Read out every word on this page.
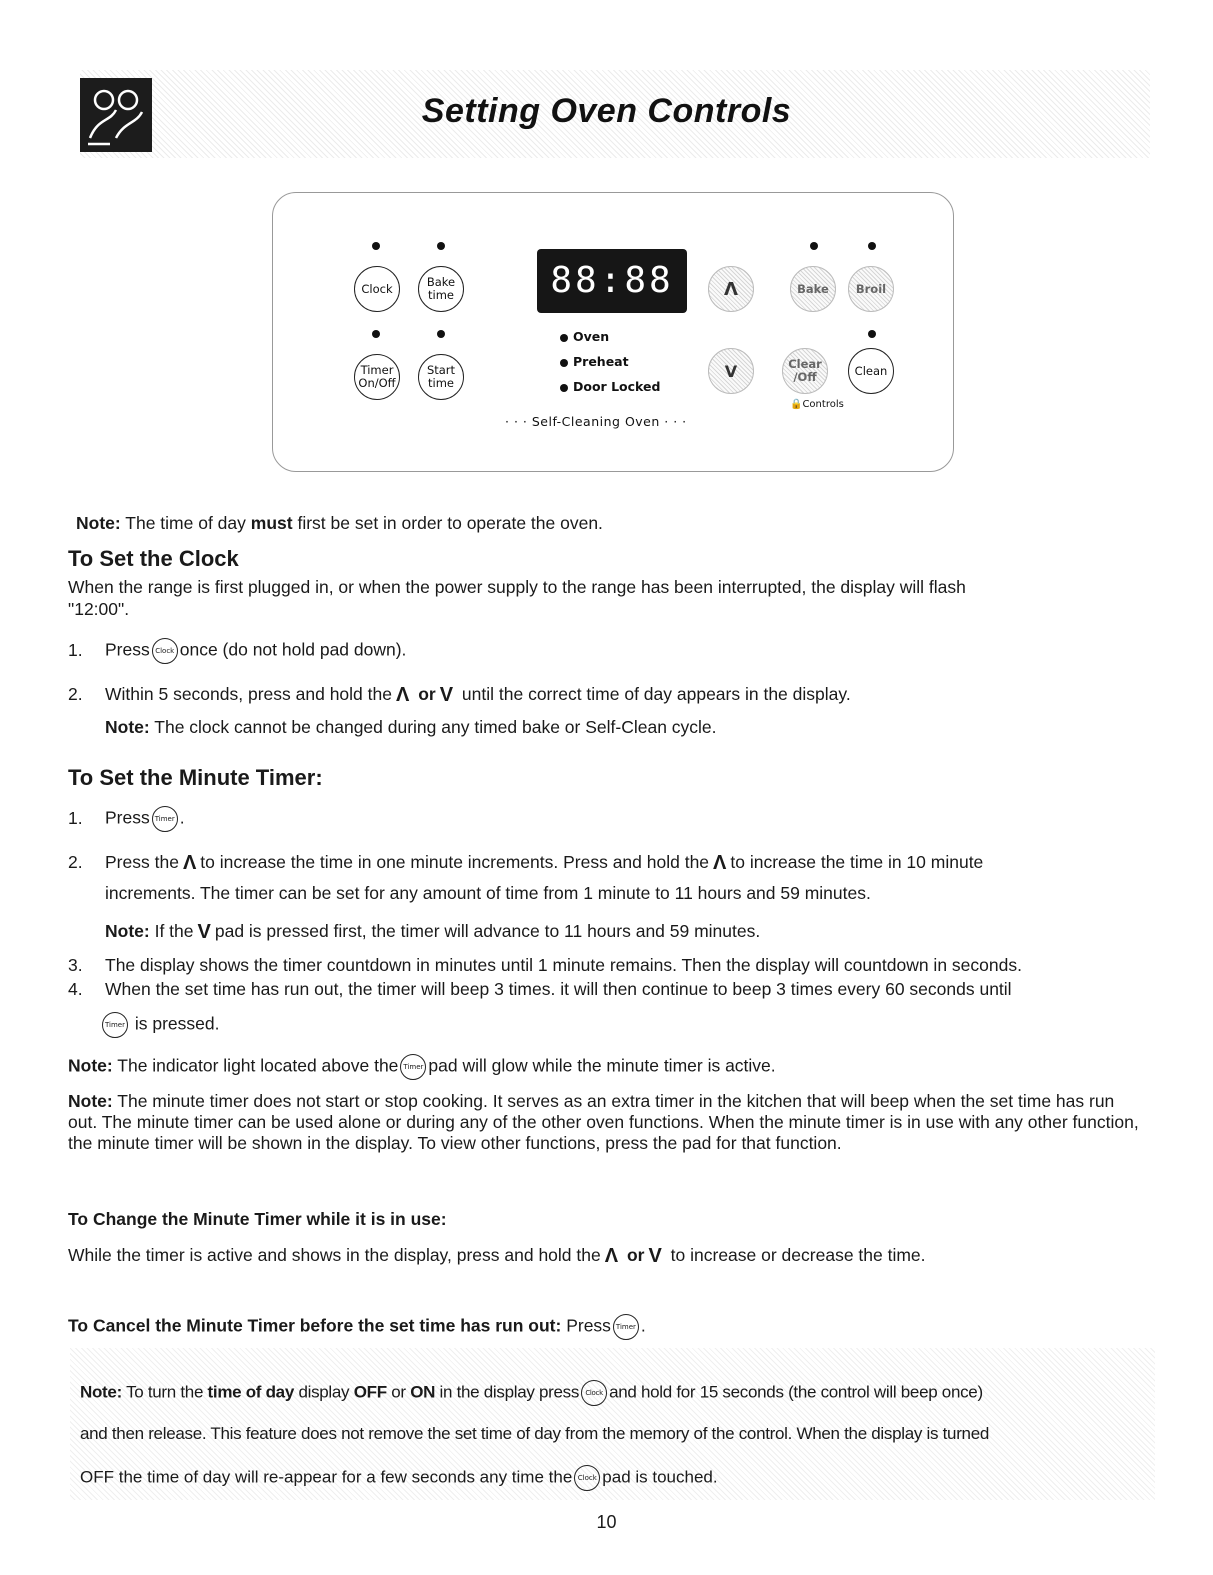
Setting Oven Controls
Clock	Bake
time
Timer
On/Off
Start
time
88:88
Oven
Preheat
Door Locked
· · · Self-Cleaning Oven · · ·
Λ	Bake	Broil
V	Clear
/Off	Clean
🔒Controls
Note: The time of day must first be set in order to operate the oven.
To Set the Clock
When the range is first plugged in, or when the power supply to the range has been interrupted, the display will flash
"12:00".
1. Press Clock once (do not hold pad down).
2. Within 5 seconds, press and hold the Λ or V until the correct time of day appears in the display.
Note: The clock cannot be changed during any timed bake or Self-Clean cycle.
To Set the Minute Timer:
1. Press Timer .
2. Press the Λ to increase the time in one minute increments. Press and hold the Λ to increase the time in 10 minute
increments. The timer can be set for any amount of time from 1 minute to 11 hours and 59 minutes.
Note: If the V pad is pressed first, the timer will advance to 11 hours and 59 minutes.
3. The display shows the timer countdown in minutes until 1 minute remains. Then the display will countdown in seconds.
4. When the set time has run out, the timer will beep 3 times. it will then continue to beep 3 times every 60 seconds until
Timer is pressed.
Note: The indicator light located above the Timer pad will glow while the minute timer is active.
Note: The minute timer does not start or stop cooking. It serves as an extra timer in the kitchen that will beep when the set time has run out. The minute timer can be used alone or during any of the other oven functions. When the minute timer is in use with any other function, the minute timer will be shown in the display. To view other functions, press the pad for that function.
To Change the Minute Timer while it is in use:
While the timer is active and shows in the display, press and hold the Λ or V to increase or decrease the time.
To Cancel the Minute Timer before the set time has run out: Press Timer .
Note: To turn the time of day display OFF or ON in the display press Clock and hold for 15 seconds (the control will beep once)
and then release. This feature does not remove the set time of day from the memory of the control. When the display is turned
OFF the time of day will re-appear for a few seconds any time the Clock pad is touched.
10
